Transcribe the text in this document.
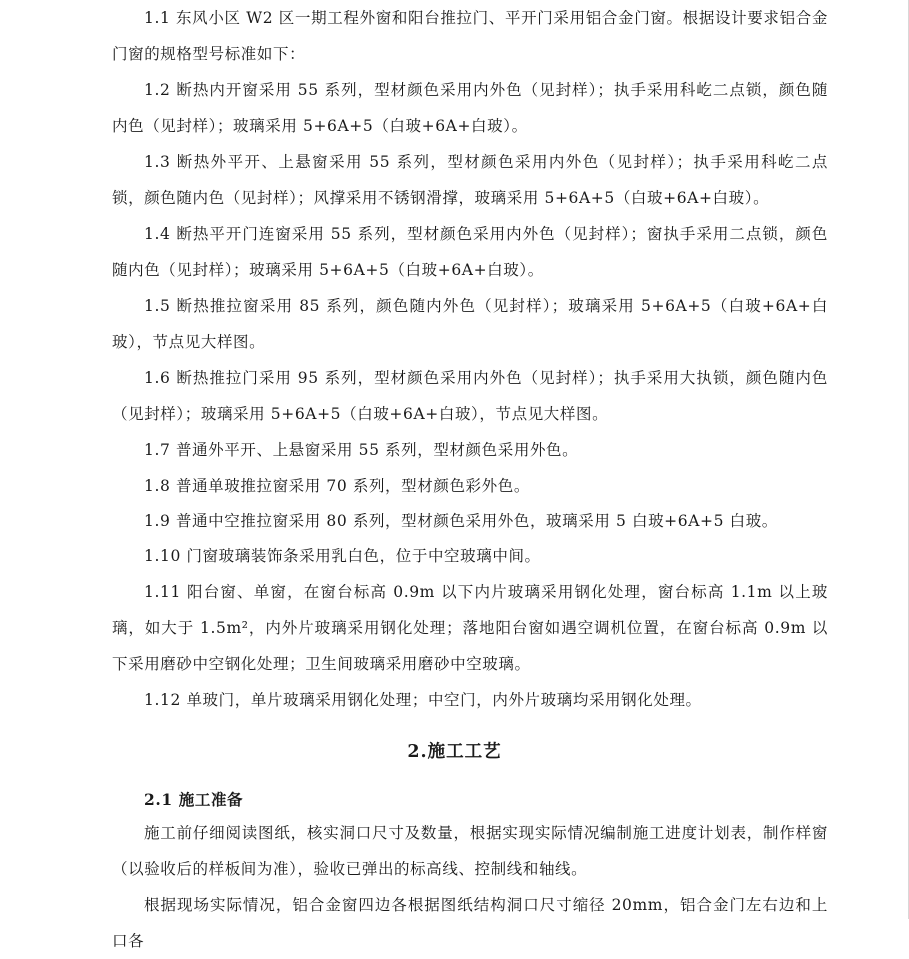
1.1 东风小区 W2 区一期工程外窗和阳台推拉门、平开门采用铝合金门窗。根据设计要求铝合金门窗的规格型号标准如下：

1.2 断热内开窗采用 55 系列，型材颜色采用内外色（见封样）；执手采用科屹二点锁，颜色随内色（见封样）；玻璃采用 5+6A+5（白玻+6A+白玻）。

1.3 断热外平开、上悬窗采用 55 系列，型材颜色采用内外色（见封样）；执手采用科屹二点锁，颜色随内色（见封样）；风撑采用不锈钢滑撑，玻璃采用 5+6A+5（白玻+6A+白玻）。

1.4 断热平开门连窗采用 55 系列，型材颜色采用内外色（见封样）；窗执手采用二点锁，颜色随内色（见封样）；玻璃采用 5+6A+5（白玻+6A+白玻）。

1.5 断热推拉窗采用 85 系列，颜色随内外色（见封样）；玻璃采用 5+6A+5（白玻+6A+白玻），节点见大样图。

1.6 断热推拉门采用 95 系列，型材颜色采用内外色（见封样）；执手采用大执锁，颜色随内色（见封样）；玻璃采用 5+6A+5（白玻+6A+白玻），节点见大样图。

1.7 普通外平开、上悬窗采用 55 系列，型材颜色采用外色。

1.8 普通单玻推拉窗采用 70 系列，型材颜色彩外色。

1.9 普通中空推拉窗采用 80 系列，型材颜色采用外色，玻璃采用 5 白玻+6A+5 白玻。

1.10 门窗玻璃装饰条采用乳白色，位于中空玻璃中间。

1.11 阳台窗、单窗，在窗台标高 0.9m 以下内片玻璃采用钢化处理，窗台标高 1.1m 以上玻璃，如大于 1.5m²，内外片玻璃采用钢化处理；落地阳台窗如遇空调机位置，在窗台标高 0.9m 以下采用磨砂中空钢化处理；卫生间玻璃采用磨砂中空玻璃。

1.12 单玻门，单片玻璃采用钢化处理；中空门，内外片玻璃均采用钢化处理。

2.施工工艺
2.1 施工准备

施工前仔细阅读图纸，核实洞口尺寸及数量，根据实现实际情况编制施工进度计划表，制作样窗（以验收后的样板间为准），验收已弹出的标高线、控制线和轴线。

根据现场实际情况，铝合金窗四边各根据图纸结构洞口尺寸缩径 20mm，铝合金门左右边和上口各
